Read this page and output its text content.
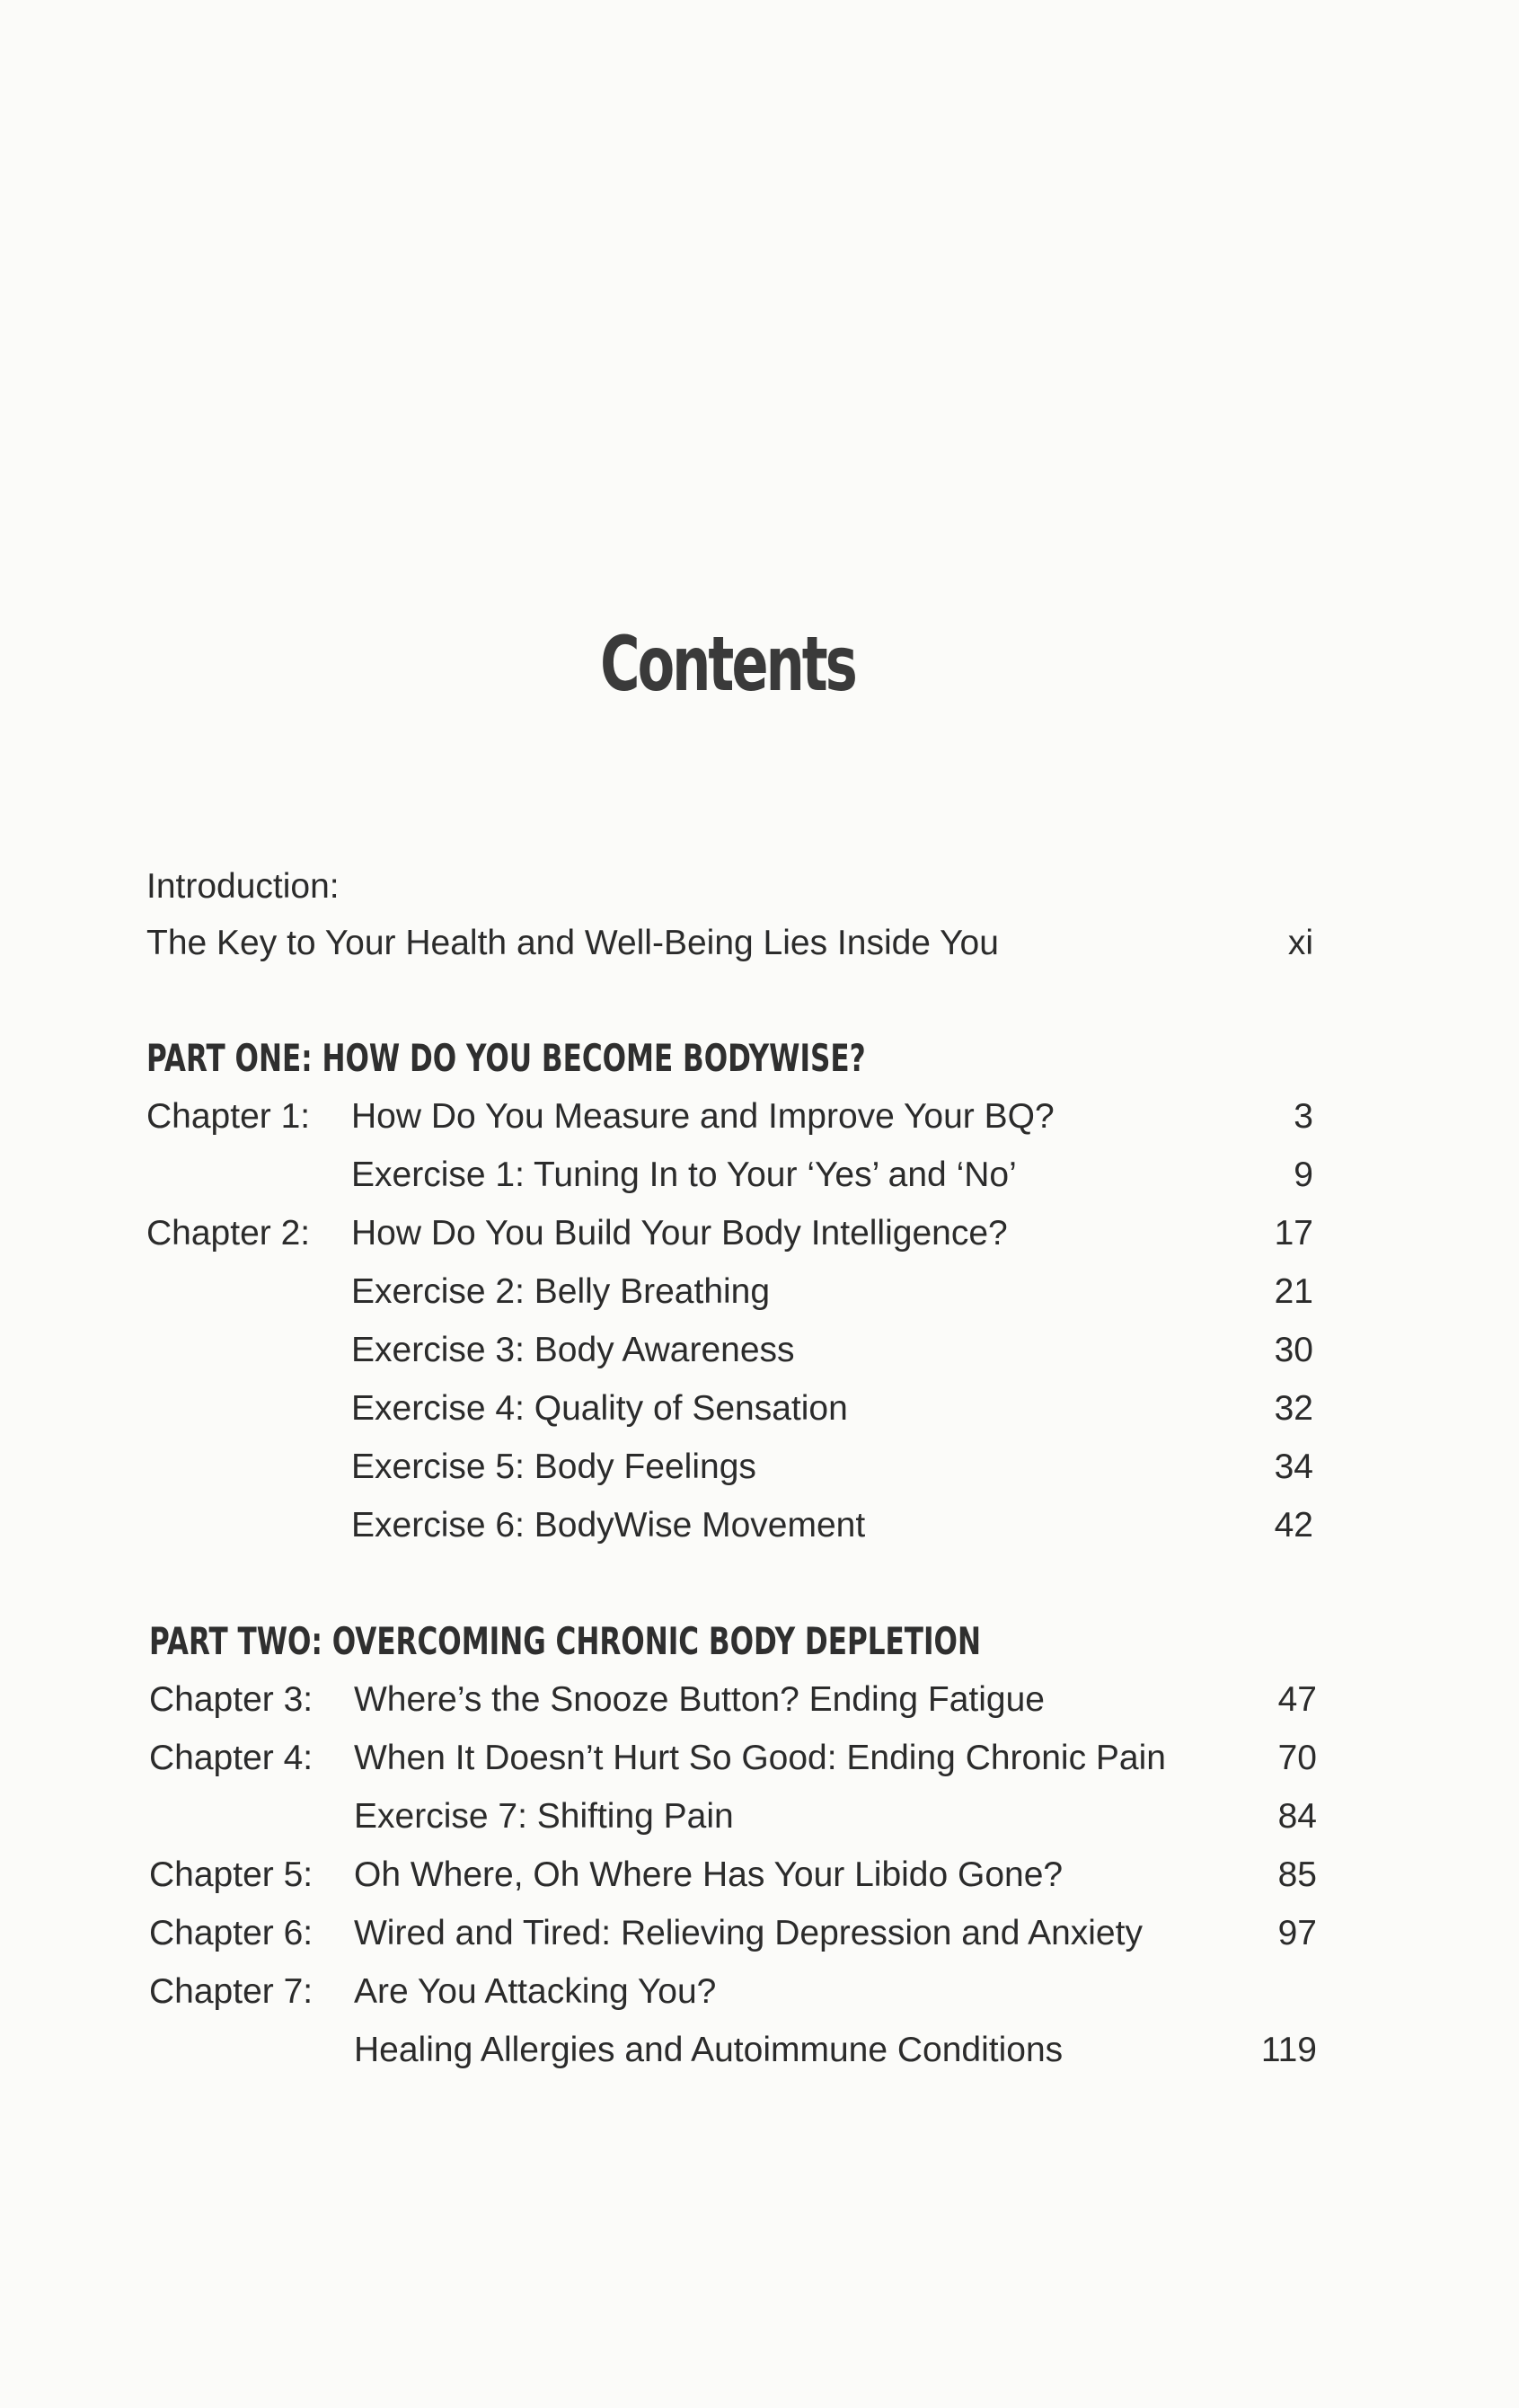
Contents
Introduction:
The Key to Your Health and Well-Being Lies Inside You	xi
PART ONE: HOW DO YOU BECOME BODYWISE?
Chapter 1: How Do You Measure and Improve Your BQ?	3
Exercise 1: Tuning In to Your ‘Yes’ and ‘No’	9
Chapter 2: How Do You Build Your Body Intelligence?	17
Exercise 2: Belly Breathing	21
Exercise 3: Body Awareness	30
Exercise 4: Quality of Sensation	32
Exercise 5: Body Feelings	34
Exercise 6: BodyWise Movement	42
PART TWO: OVERCOMING CHRONIC BODY DEPLETION
Chapter 3: Where’s the Snooze Button? Ending Fatigue	47
Chapter 4: When It Doesn’t Hurt So Good: Ending Chronic Pain	70
Exercise 7: Shifting Pain	84
Chapter 5: Oh Where, Oh Where Has Your Libido Gone?	85
Chapter 6: Wired and Tired: Relieving Depression and Anxiety	97
Chapter 7: Are You Attacking You?
Healing Allergies and Autoimmune Conditions	119
